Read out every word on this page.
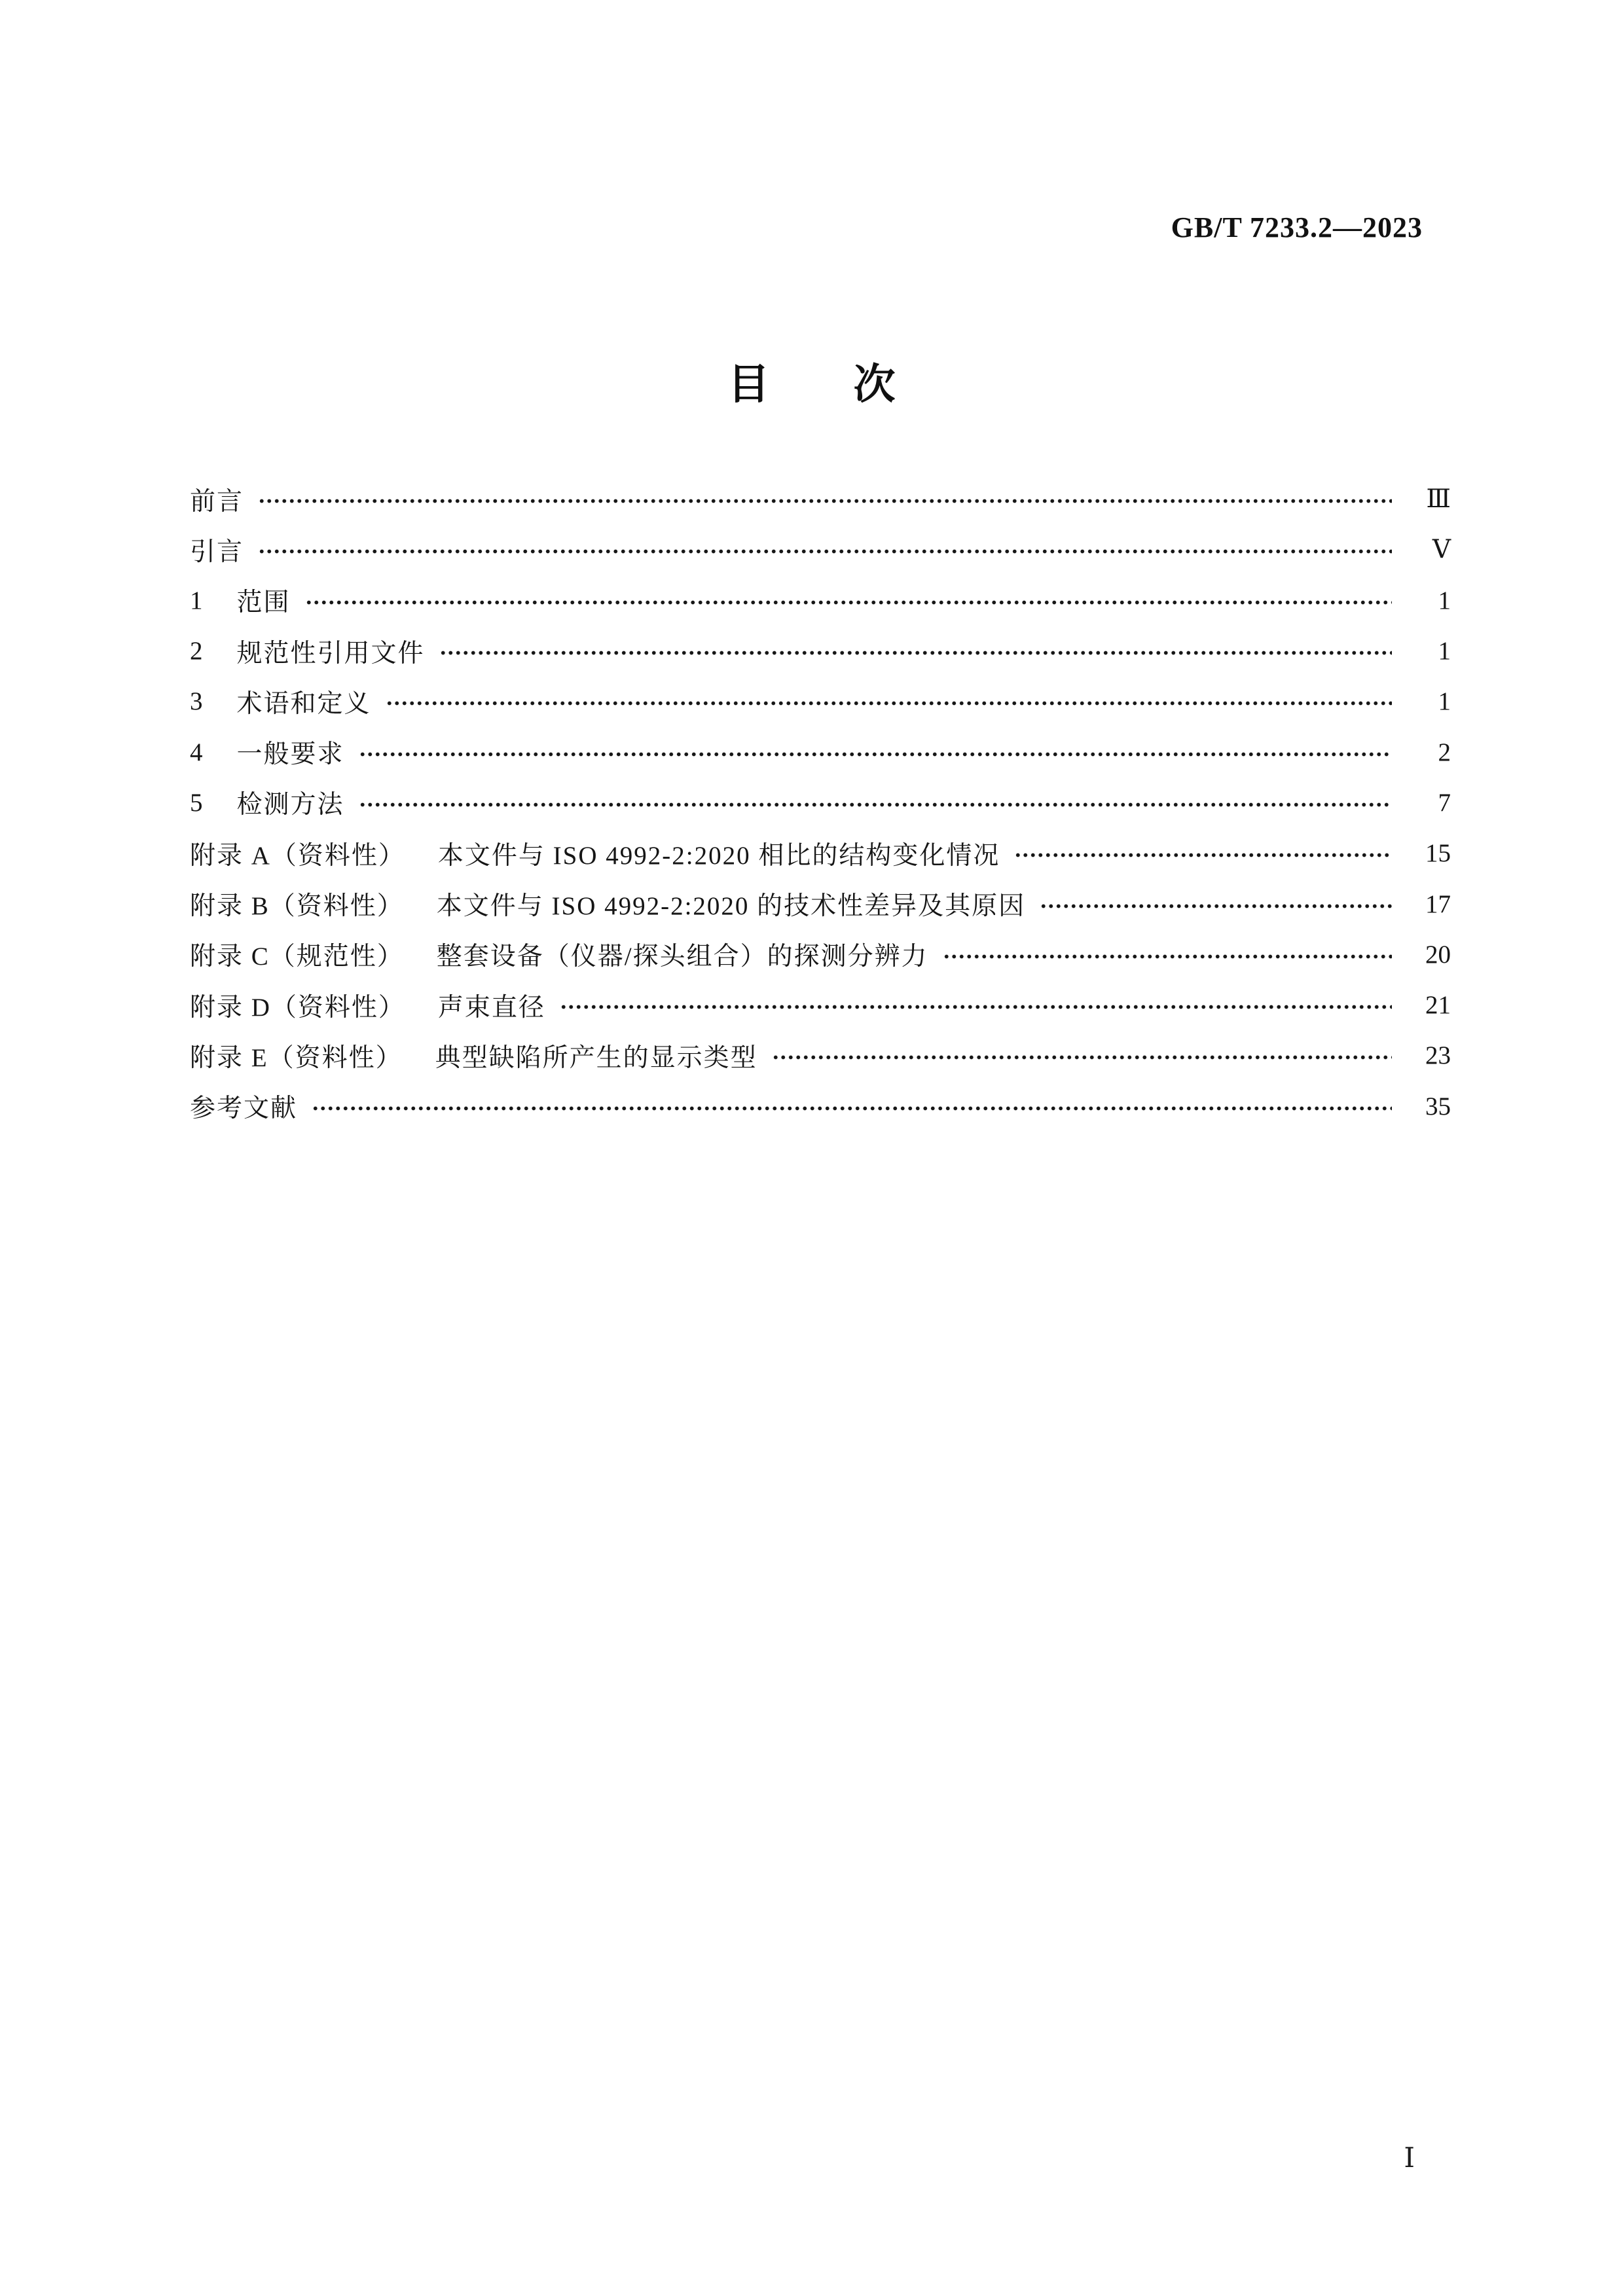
GB/T 7233.2—2023
目　　次
前言	Ⅲ
引言	Ⅴ
1 范围	1
2 规范性引用文件	1
3 术语和定义	1
4 一般要求	2
5 检测方法	7
附录 A（资料性） 本文件与 ISO 4992-2:2020 相比的结构变化情况	15
附录 B（资料性） 本文件与 ISO 4992-2:2020 的技术性差异及其原因	17
附录 C（规范性） 整套设备（仪器/探头组合）的探测分辨力	20
附录 D（资料性） 声束直径	21
附录 E（资料性） 典型缺陷所产生的显示类型	23
参考文献	35
Ⅰ
